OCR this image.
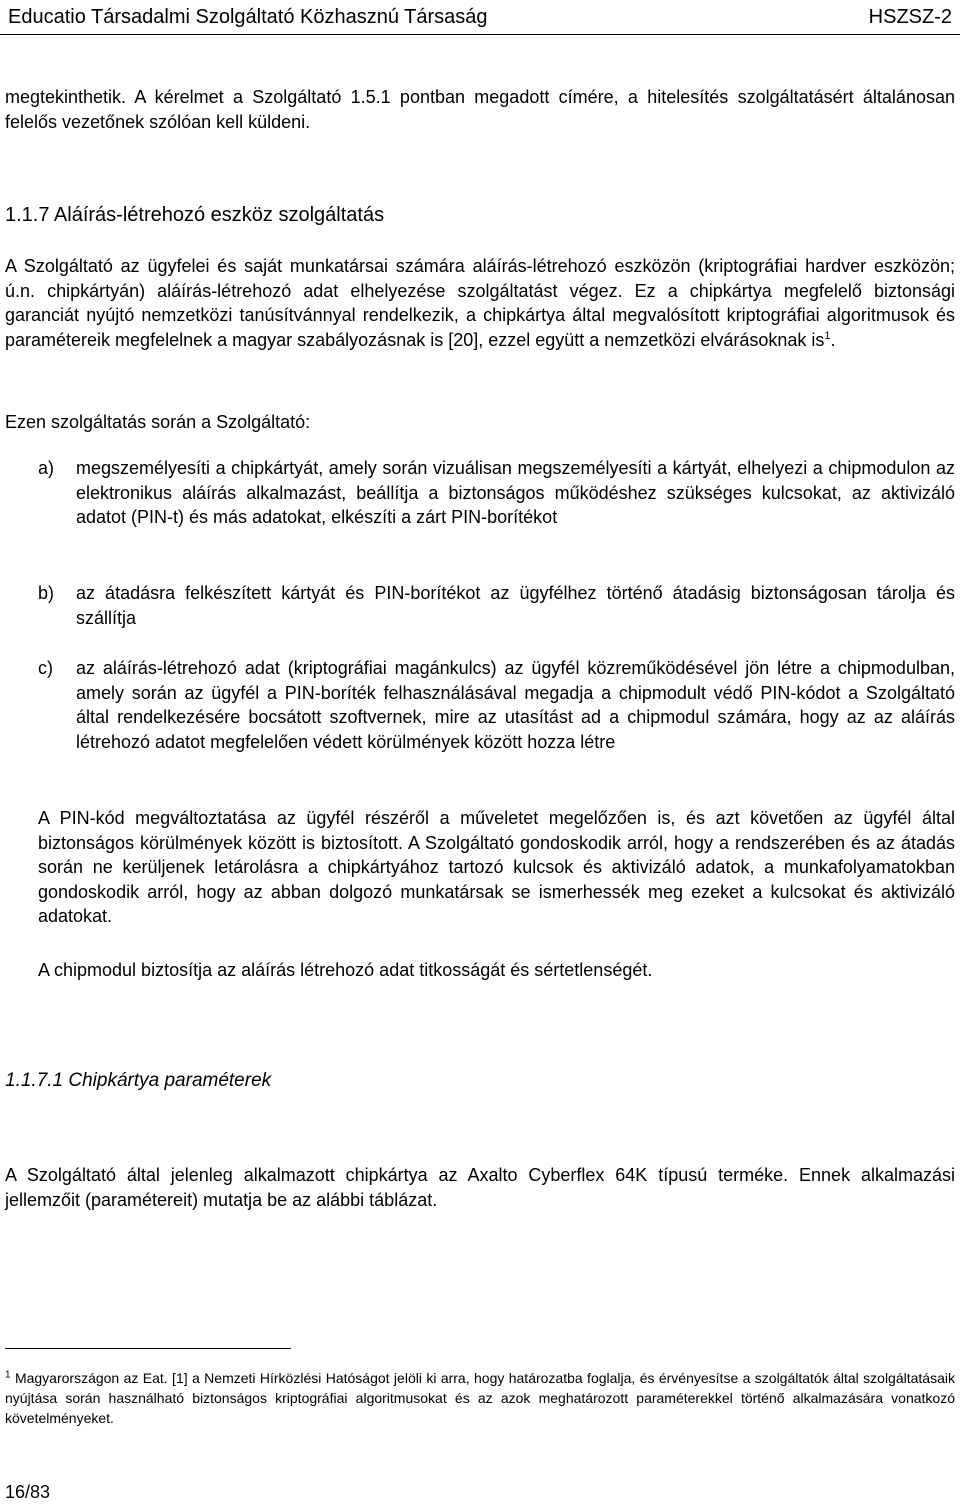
Educatio Társadalmi Szolgáltató Közhasznú Társaság	HSZSZ-2

megtekinthetik. A kérelmet a Szolgáltató 1.5.1 pontban megadott címére, a hitelesítés szolgáltatásért általánosan felelős vezetőnek szólóan kell küldeni.

1.1.7 Aláírás-létrehozó eszköz szolgáltatás
A Szolgáltató az ügyfelei és saját munkatársai számára aláírás-létrehozó eszközön (kriptográfiai hardver eszközön; ú.n. chipkártyán) aláírás-létrehozó adat elhelyezése szolgáltatást végez. Ez a chipkártya megfelelő biztonsági garanciát nyújtó nemzetközi tanúsítvánnyal rendelkezik, a chipkártya által megvalósított kriptográfiai algoritmusok és paramétereik megfelelnek a magyar szabályozásnak is [20], ezzel együtt a nemzetközi elvárásoknak $is^1$.

Ezen szolgáltatás során a Szolgáltató:

a)	megszemélyesíti a chipkártyát, amely során vizuálisan megszemélyesíti a kártyát, elhelyezi a chipmodulon az elektronikus aláírás alkalmazást, beállítja a biztonságos működéshez szükséges kulcsokat, az aktivizáló adatot (PIN-t) és más adatokat, elkészíti a zárt PIN-borítékot
b)	az átadásra felkészített kártyát és PIN-borítékot az ügyfélhez történő átadásig biztonságosan tárolja és szállítja
c)	az aláírás-létrehozó adat (kriptográfiai magánkulcs) az ügyfél közreműködésével jön létre a chipmodulban, amely során az ügyfél a PIN-boríték felhasználásával megadja a chipmodult védő PIN-kódot a Szolgáltató által rendelkezésére bocsátott szoftvernek, mire az utasítást ad a chipmodul számára, hogy az az aláírás létrehozó adatot megfelelően védett körülmények között hozza létre

A PIN-kód megváltoztatása az ügyfél részéről a műveletet megelőzően is, és azt követően az ügyfél által biztonságos körülmények között is biztosított. A Szolgáltató gondoskodik arról, hogy a rendszerében és az átadás során ne kerüljenek letárolásra a chipkártyához tartozó kulcsok és aktivizáló adatok, a munkafolyamatokban gondoskodik arról, hogy az abban dolgozó munkatársak se ismerhessék meg ezeket a kulcsokat és aktivizáló adatokat.

A chipmodul biztosítja az aláírás létrehozó adat titkosságát és sértetlenségét.

1.1.7.1 Chipkártya paraméterek

A Szolgáltató által jelenleg alkalmazott chipkártya az Axalto Cyberflex 64K típusú terméke. Ennek alkalmazási jellemzőit (paramétereit) mutatja be az alábbi táblázat.

$^1$ Magyarországon az Eat. [1] a Nemzeti Hírközlési Hatóságot jelöli ki arra, hogy határozatba foglalja, és érvényesítse a szolgáltatók által szolgáltatásaik nyújtása során használható biztonságos kriptográfiai algoritmusokat és az azok meghatározott paraméterekkel történő alkalmazására vonatkozó követelményeket.
16/83
